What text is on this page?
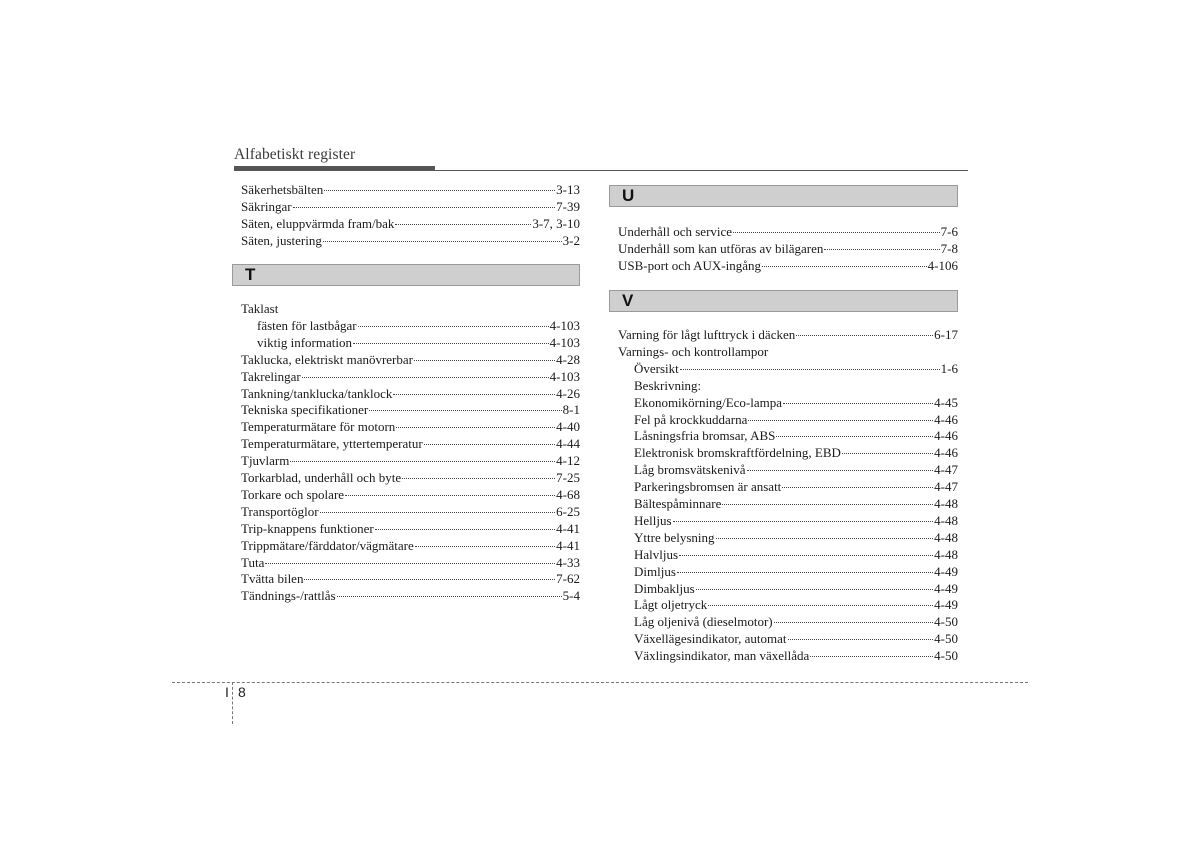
Alfabetiskt register
Säkerhetsbälten	3-13
Säkringar	7-39
Säten, eluppvärmda fram/bak	3-7, 3-10
Säten, justering	3-2
T
Taklast
fästen för lastbågar	4-103
viktig information	4-103
Taklucka, elektriskt manövrerbar	4-28
Takrelingar	4-103
Tankning/tanklucka/tanklock	4-26
Tekniska specifikationer	8-1
Temperaturmätare för motorn	4-40
Temperaturmätare, yttertemperatur	4-44
Tjuvlarm	4-12
Torkarblad, underhåll och byte	7-25
Torkare och spolare	4-68
Transportöglor	6-25
Trip-knappens funktioner	4-41
Trippmätare/färddator/vägmätare	4-41
Tuta	4-33
Tvätta bilen	7-62
Tändnings-/rattlås	5-4
U
Underhåll och service	7-6
Underhåll som kan utföras av bilägaren	7-8
USB-port och AUX-ingång	4-106
V
Varning för lågt lufttryck i däcken	6-17
Varnings- och kontrollampor
Översikt	1-6
Beskrivning:
Ekonomikörning/Eco-lampa	4-45
Fel på krockkuddarna	4-46
Låsningsfria bromsar, ABS	4-46
Elektronisk bromskraftfördelning, EBD	4-46
Låg bromsvätskenivå	4-47
Parkeringsbromsen är ansatt	4-47
Bältespåminnare	4-48
Helljus	4-48
Yttre belysning	4-48
Halvljus	4-48
Dimljus	4-49
Dimbakljus	4-49
Lågt oljetryck	4-49
Låg oljenivå (dieselmotor)	4-50
Växellägesindikator, automat	4-50
Växlingsindikator, man växellåda	4-50
I 8
